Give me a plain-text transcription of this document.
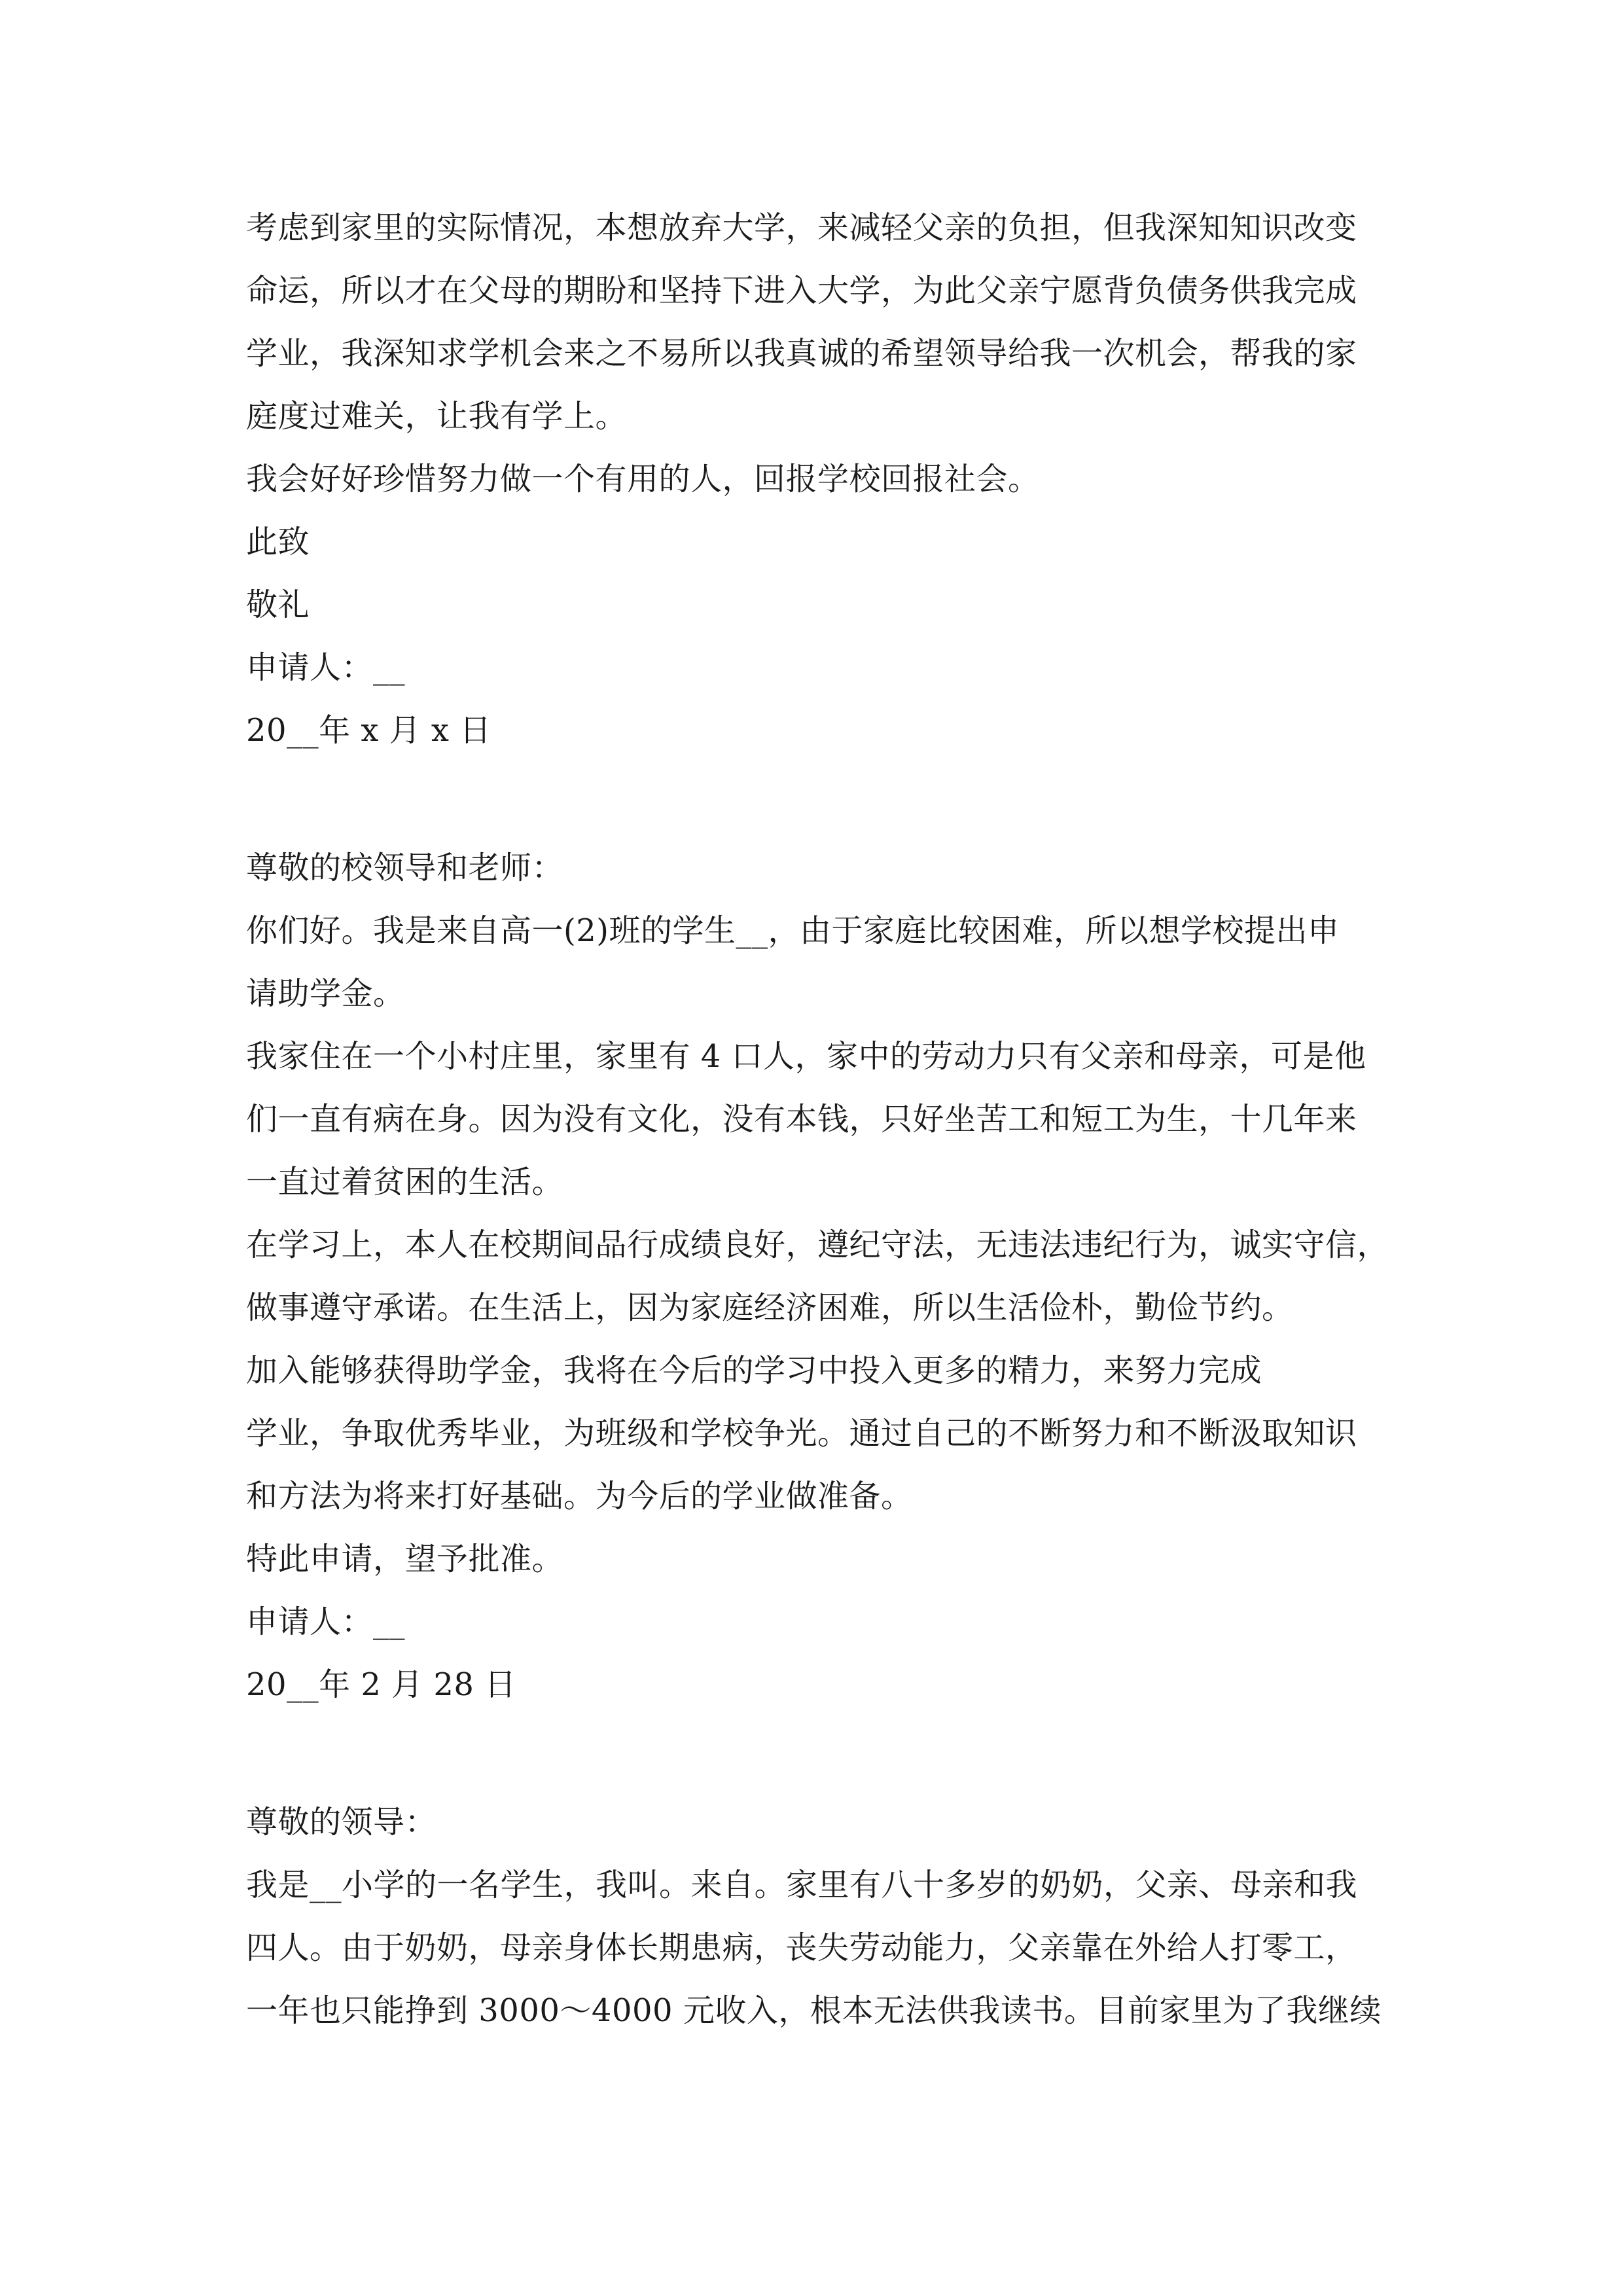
考虑到家里的实际情况，本想放弃大学，来减轻父亲的负担，但我深知知识改变
命运，所以才在父母的期盼和坚持下进入大学，为此父亲宁愿背负债务供我完成
学业，我深知求学机会来之不易所以我真诚的希望领导给我一次机会，帮我的家
庭度过难关，让我有学上。
我会好好珍惜努力做一个有用的人，回报学校回报社会。
此致
敬礼
申请人：__
20__年 x 月 x 日
尊敬的校领导和老师：
你们好。我是来自高一(2)班的学生__，由于家庭比较困难，所以想学校提出申
请助学金。
我家住在一个小村庄里，家里有 4 口人，家中的劳动力只有父亲和母亲，可是他
们一直有病在身。因为没有文化，没有本钱，只好坐苦工和短工为生，十几年来
一直过着贫困的生活。
在学习上，本人在校期间品行成绩良好，遵纪守法，无违法违纪行为，诚实守信，
做事遵守承诺。在生活上，因为家庭经济困难，所以生活俭朴，勤俭节约。
加入能够获得助学金，我将在今后的学习中投入更多的精力，来努力完成
学业，争取优秀毕业，为班级和学校争光。通过自己的不断努力和不断汲取知识
和方法为将来打好基础。为今后的学业做准备。
特此申请，望予批准。
申请人：__
20__年 2 月 28 日
尊敬的领导：
我是__小学的一名学生，我叫。来自。家里有八十多岁的奶奶，父亲、母亲和我
四人。由于奶奶，母亲身体长期患病，丧失劳动能力，父亲靠在外给人打零工，
一年也只能挣到 3000～4000 元收入，根本无法供我读书。目前家里为了我继续
